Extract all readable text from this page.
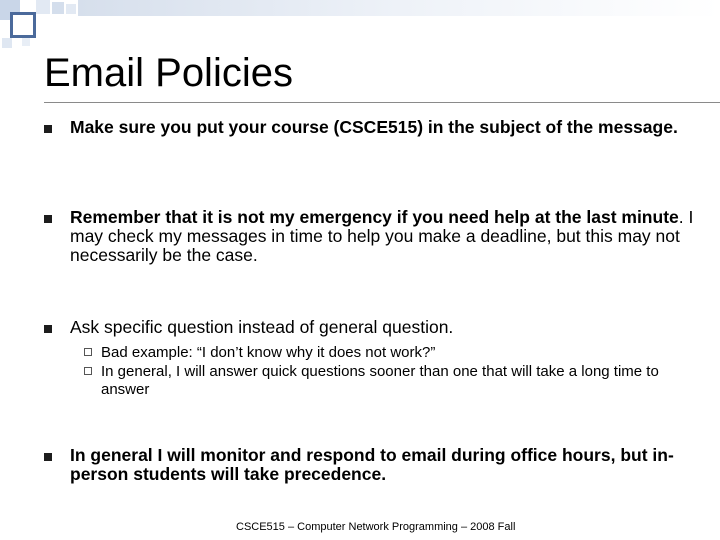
Email Policies
Make sure you put your course (CSCE515) in the subject of the message.
Remember that it is not my emergency if you need help at the last minute. I may check my messages in time to help you make a deadline, but this may not necessarily be the case.
Ask specific question instead of general question.
Bad example: “I don’t know why it does not work?”
In general, I will answer quick questions sooner than one that will take a long time to answer
In general I will monitor and respond to email during office hours, but in-person students will take precedence.
CSCE515 – Computer Network Programming – 2008 Fall
